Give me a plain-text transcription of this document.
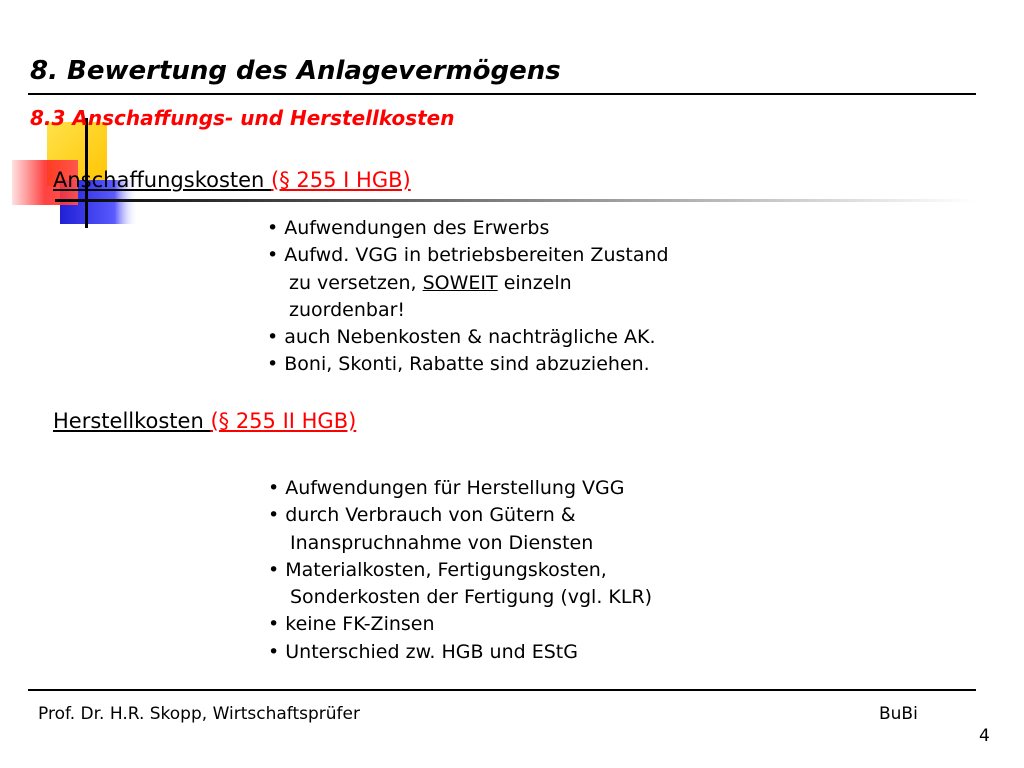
8. Bewertung des Anlagevermögens
8.3 Anschaffungs- und Herstellkosten
Anschaffungskosten (§ 255 I HGB)
• Aufwendungen des Erwerbs
• Aufwd. VGG in betriebsbereiten Zustand
zu versetzen, SOWEIT einzeln
zuordenbar!
• auch Nebenkosten & nachträgliche AK.
• Boni, Skonti, Rabatte sind abzuziehen.
Herstellkosten (§ 255 II HGB)
• Aufwendungen für Herstellung VGG
• durch Verbrauch von Gütern &
Inanspruchnahme von Diensten
• Materialkosten, Fertigungskosten,
Sonderkosten der Fertigung (vgl. KLR)
• keine FK-Zinsen
• Unterschied zw. HGB und EStG
Prof. Dr. H.R. Skopp, Wirtschaftsprüfer	BuBi
4
